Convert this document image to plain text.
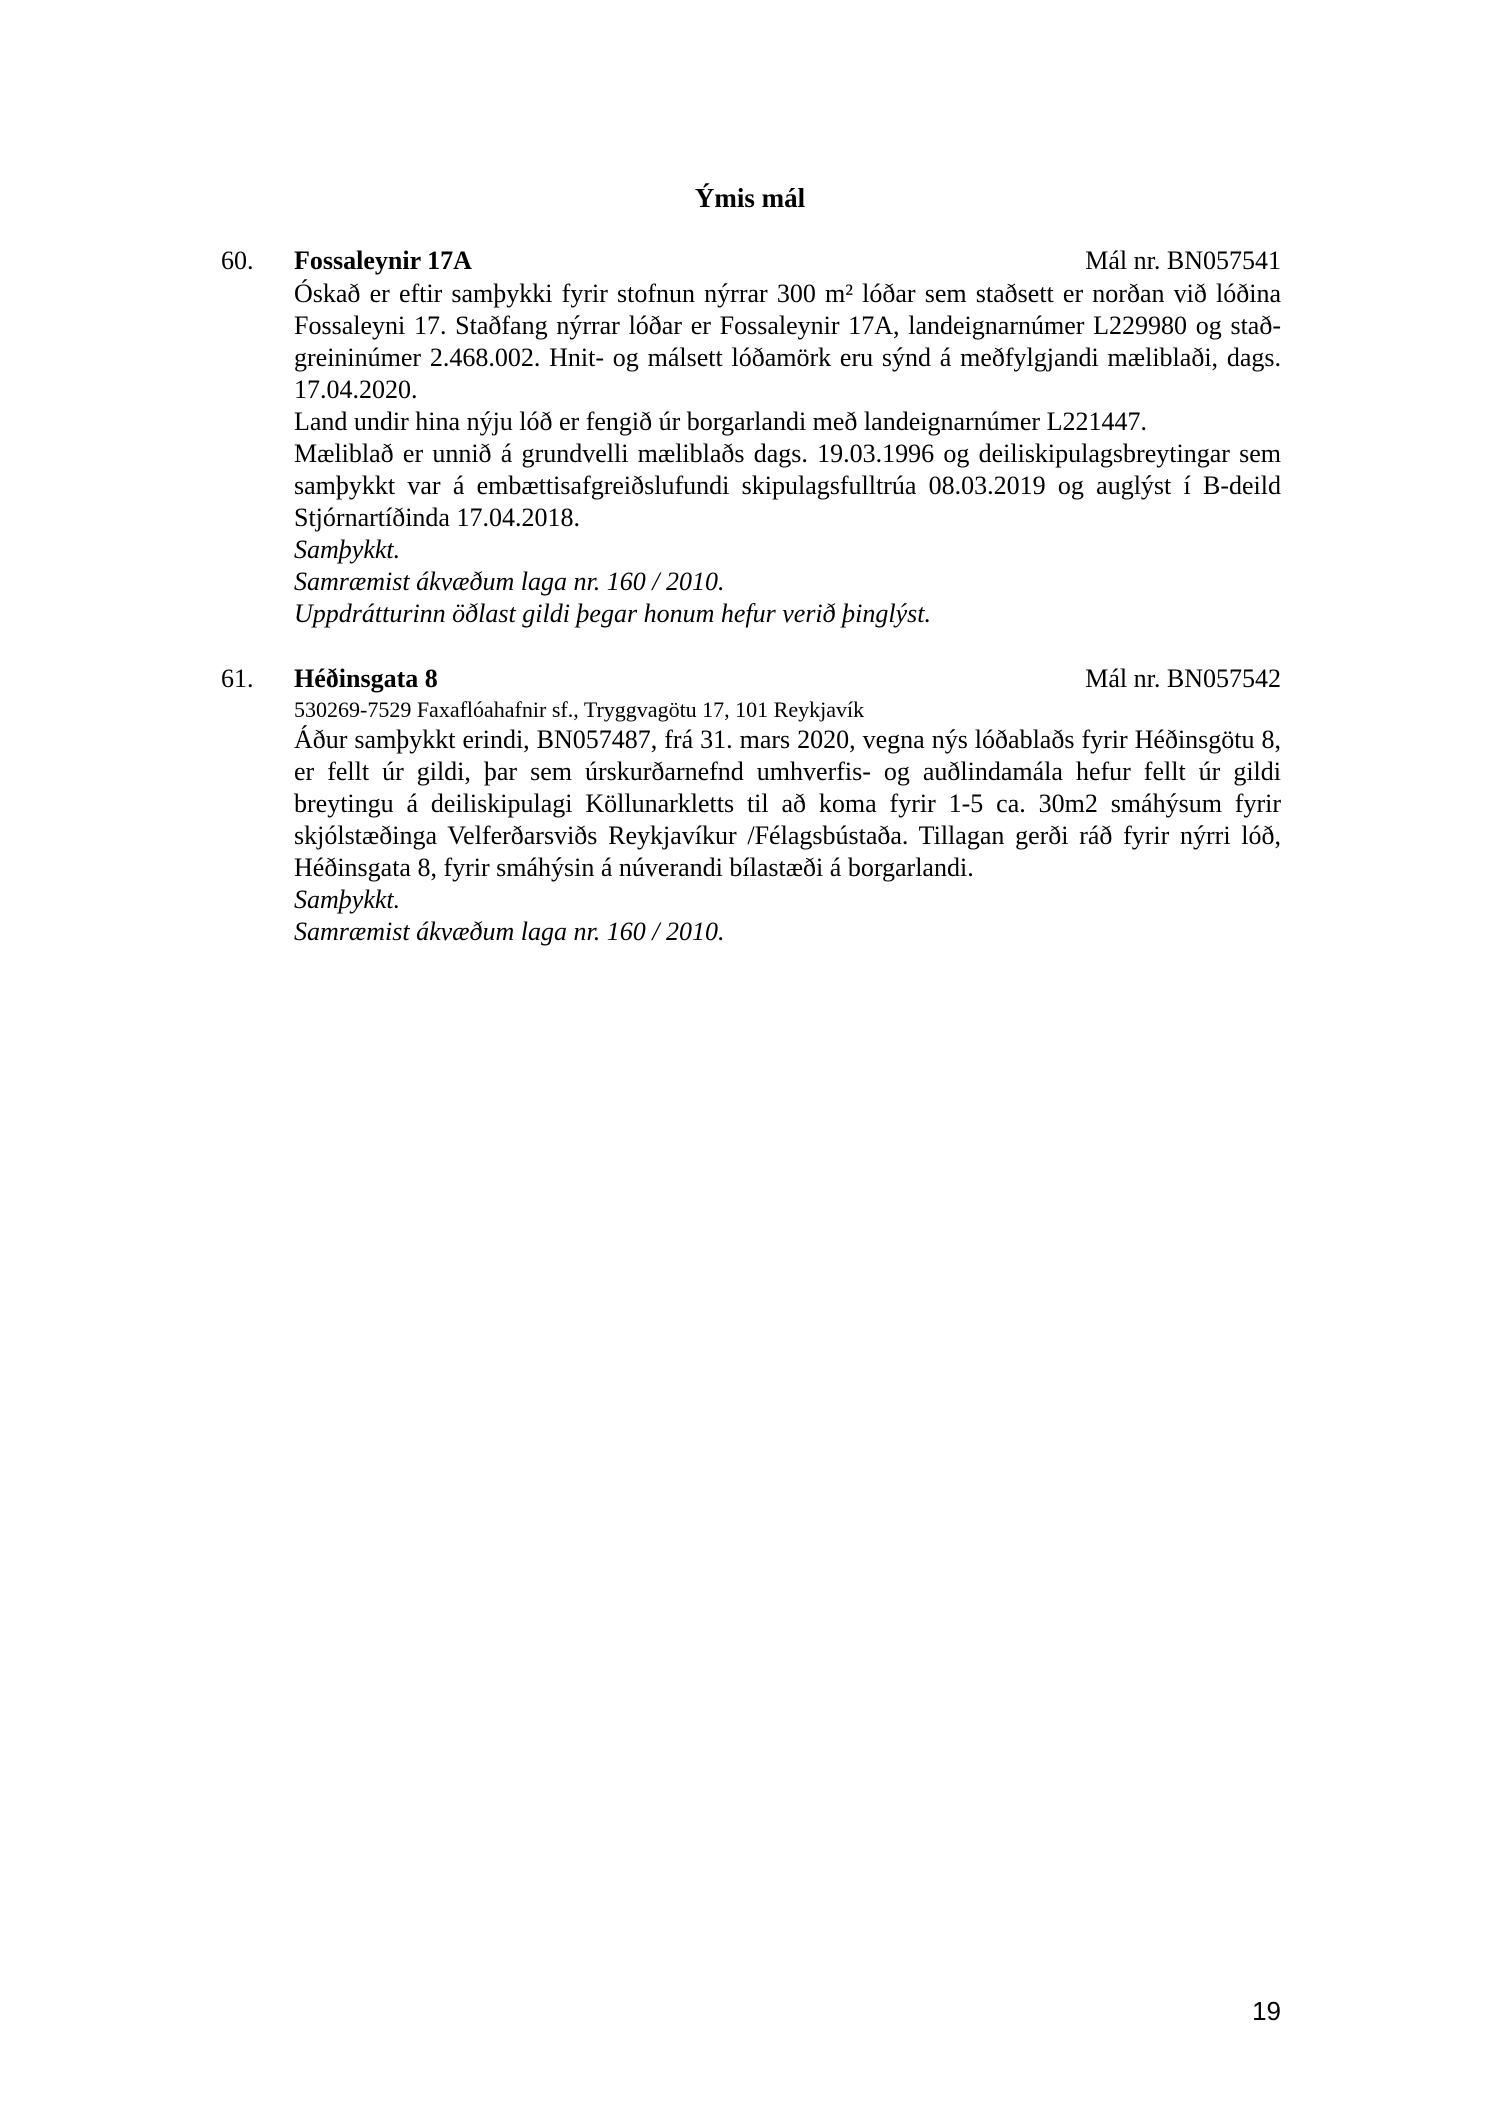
Ýmis mál
60. Fossaleynir 17A	Mál nr. BN057541

Óskað er eftir samþykki fyrir stofnun nýrrar 300 m² lóðar sem staðsett er norðan við lóðina Fossaleyni 17. Staðfang nýrrar lóðar er Fossaleynir 17A, landeignarnúmer L229980 og stað- greininúmer 2.468.002. Hnit- og málsett lóðamörk eru sýnd á meðfylgjandi mæliblaði, dags. 17.04.2020.

Land undir hina nýju lóð er fengið úr borgarlandi með landeignarnúmer L221447.

Mæliblað er unnið á grundvelli mæliblaðs dags. 19.03.1996 og deiliskipulagsbreytingar sem samþykkt var á embættisafgreiðslufundi skipulagsfulltrúa 08.03.2019 og auglýst í B-deild Stjórnartíðinda 17.04.2018.

Samþykkt.

Samræmist ákvæðum laga nr. 160 / 2010.

Uppdrátturinn öðlast gildi þegar honum hefur verið þinglýst.

61. Héðinsgata 8	Mál nr. BN057542

530269-7529 Faxaflóahafnir sf., Tryggvagötu 17, 101 Reykjavík

Áður samþykkt erindi, BN057487, frá 31. mars 2020, vegna nýs lóðablaðs fyrir Héðinsgötu 8, er fellt úr gildi, þar sem úrskurðarnefnd umhverfis- og auðlindamála hefur fellt úr gildi breytingu á deiliskipulagi Köllunarkletts til að koma fyrir 1-5 ca. 30m2 smáhýsum fyrir skjólstæðinga Velferðarsviðs Reykjavíkur /Félagsbústaða. Tillagan gerði ráð fyrir nýrri lóð, Héðinsgata 8, fyrir smáhýsin á núverandi bílastæði á borgarlandi.

Samþykkt.

Samræmist ákvæðum laga nr. 160 / 2010.

19
